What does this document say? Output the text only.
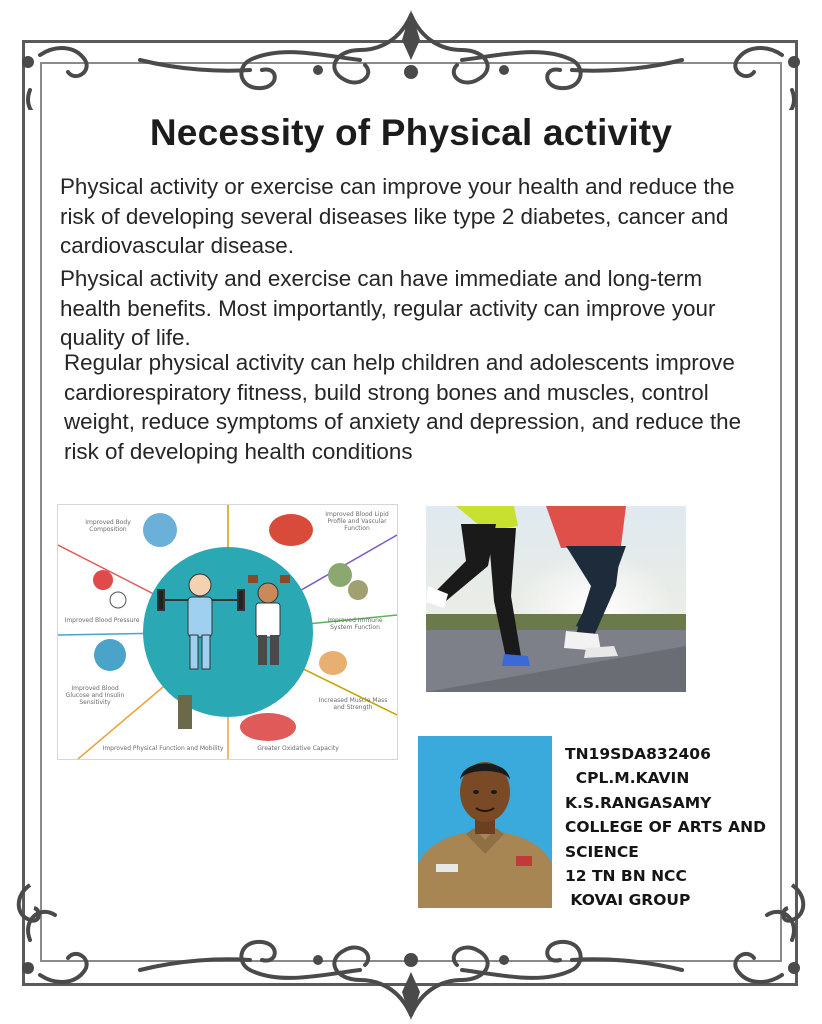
Necessity of Physical activity

Physical activity or exercise can improve your health and reduce the risk of developing several diseases like type 2 diabetes, cancer and cardiovascular disease.

Physical activity and exercise can have immediate and long-term health benefits. Most importantly, regular activity can improve your quality of life.

Regular physical activity can help children and adolescents improve cardiorespiratory fitness, build strong bones and muscles, control weight, reduce symptoms of anxiety and depression, and reduce the risk of developing health conditions

Improved Body Composition
Improved Blood Pressure
Improved Blood Glucose and Insulin Sensitivity
Improved Physical Function and Mobility	Greater Oxidative Capacity
Increased Muscle Mass and Strength
Improved Immune System Function
Improved Blood Lipid Profile and Vascular Function
TN19SDA832406
CPL.M.KAVIN
K.S.RANGASAMY
COLLEGE OF ARTS AND
SCIENCE
12 TN BN NCC
KOVAI GROUP
